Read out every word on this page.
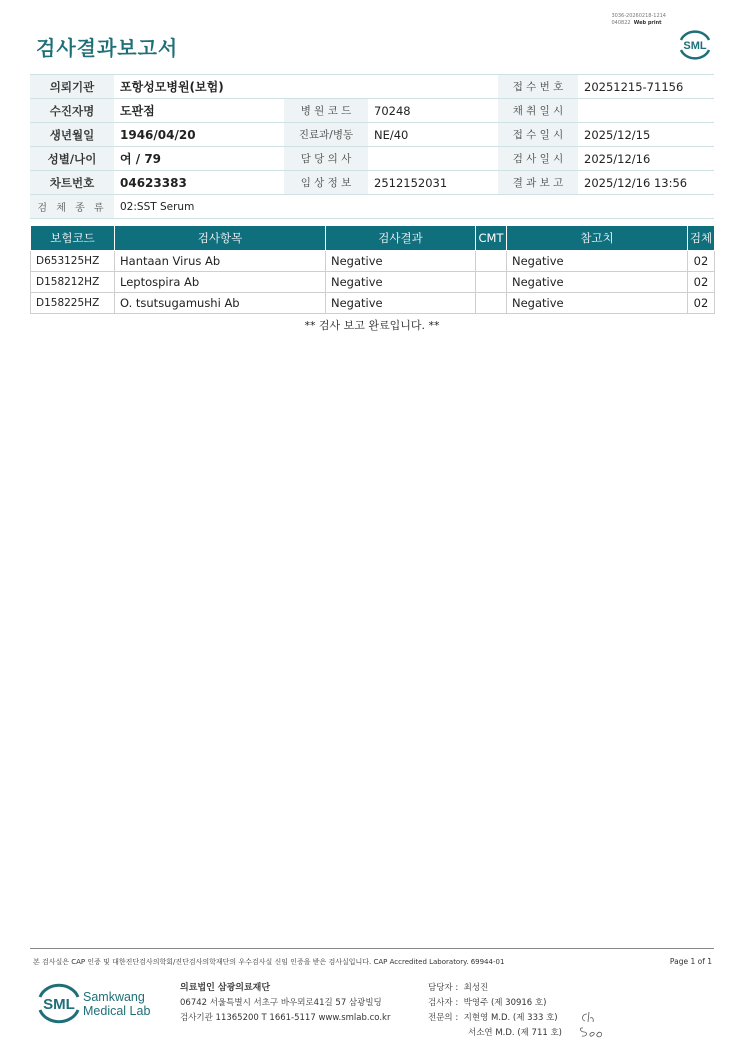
검사결과보고서
3036-20260218-1214
040822 Web print
SML
의뢰기관	포항성모병원(보험)			접 수 번 호	20251215-71156
수진자명	도판점	병 원 코 드	70248	채 취 일 시	
생년월일	1946/04/20	진료과/병동	NE/40	접 수 일 시	2025/12/15
성별/나이	여 / 79	담 당 의 사		검 사 일 시	2025/12/16
차트번호	04623383	임 상 정 보	2512152031	결 과 보 고	2025/12/16 13:56
검 체 종 류	02:SST Serum				
보험코드	검사항목	검사결과	CMT	참고치	검체
D653125HZ	Hantaan Virus Ab	Negative		Negative	02
D158212HZ	Leptospira Ab	Negative		Negative	02
D158225HZ	O. tsutsugamushi Ab	Negative		Negative	02
** 검사 보고 완료입니다. **
본 검사실은 CAP 인증 및 대한진단검사의학회/진단검사의학재단의 우수검사실 신임 인증을 받은 검사실입니다. CAP Accredited Laboratory. 69944-01	Page 1 of 1
SML Samkwang
Medical Lab
의료법인 삼광의료재단
06742 서울특별시 서초구 바우뫼로41길 57 삼광빌딩
검사기관 11365200 T 1661-5117 www.smlab.co.kr
담당자 : 최성진
검사자 : 박영주 (제 30916 호)
전문의 : 지현영 M.D. (제 333 호)
서소연 M.D. (제 711 호)
